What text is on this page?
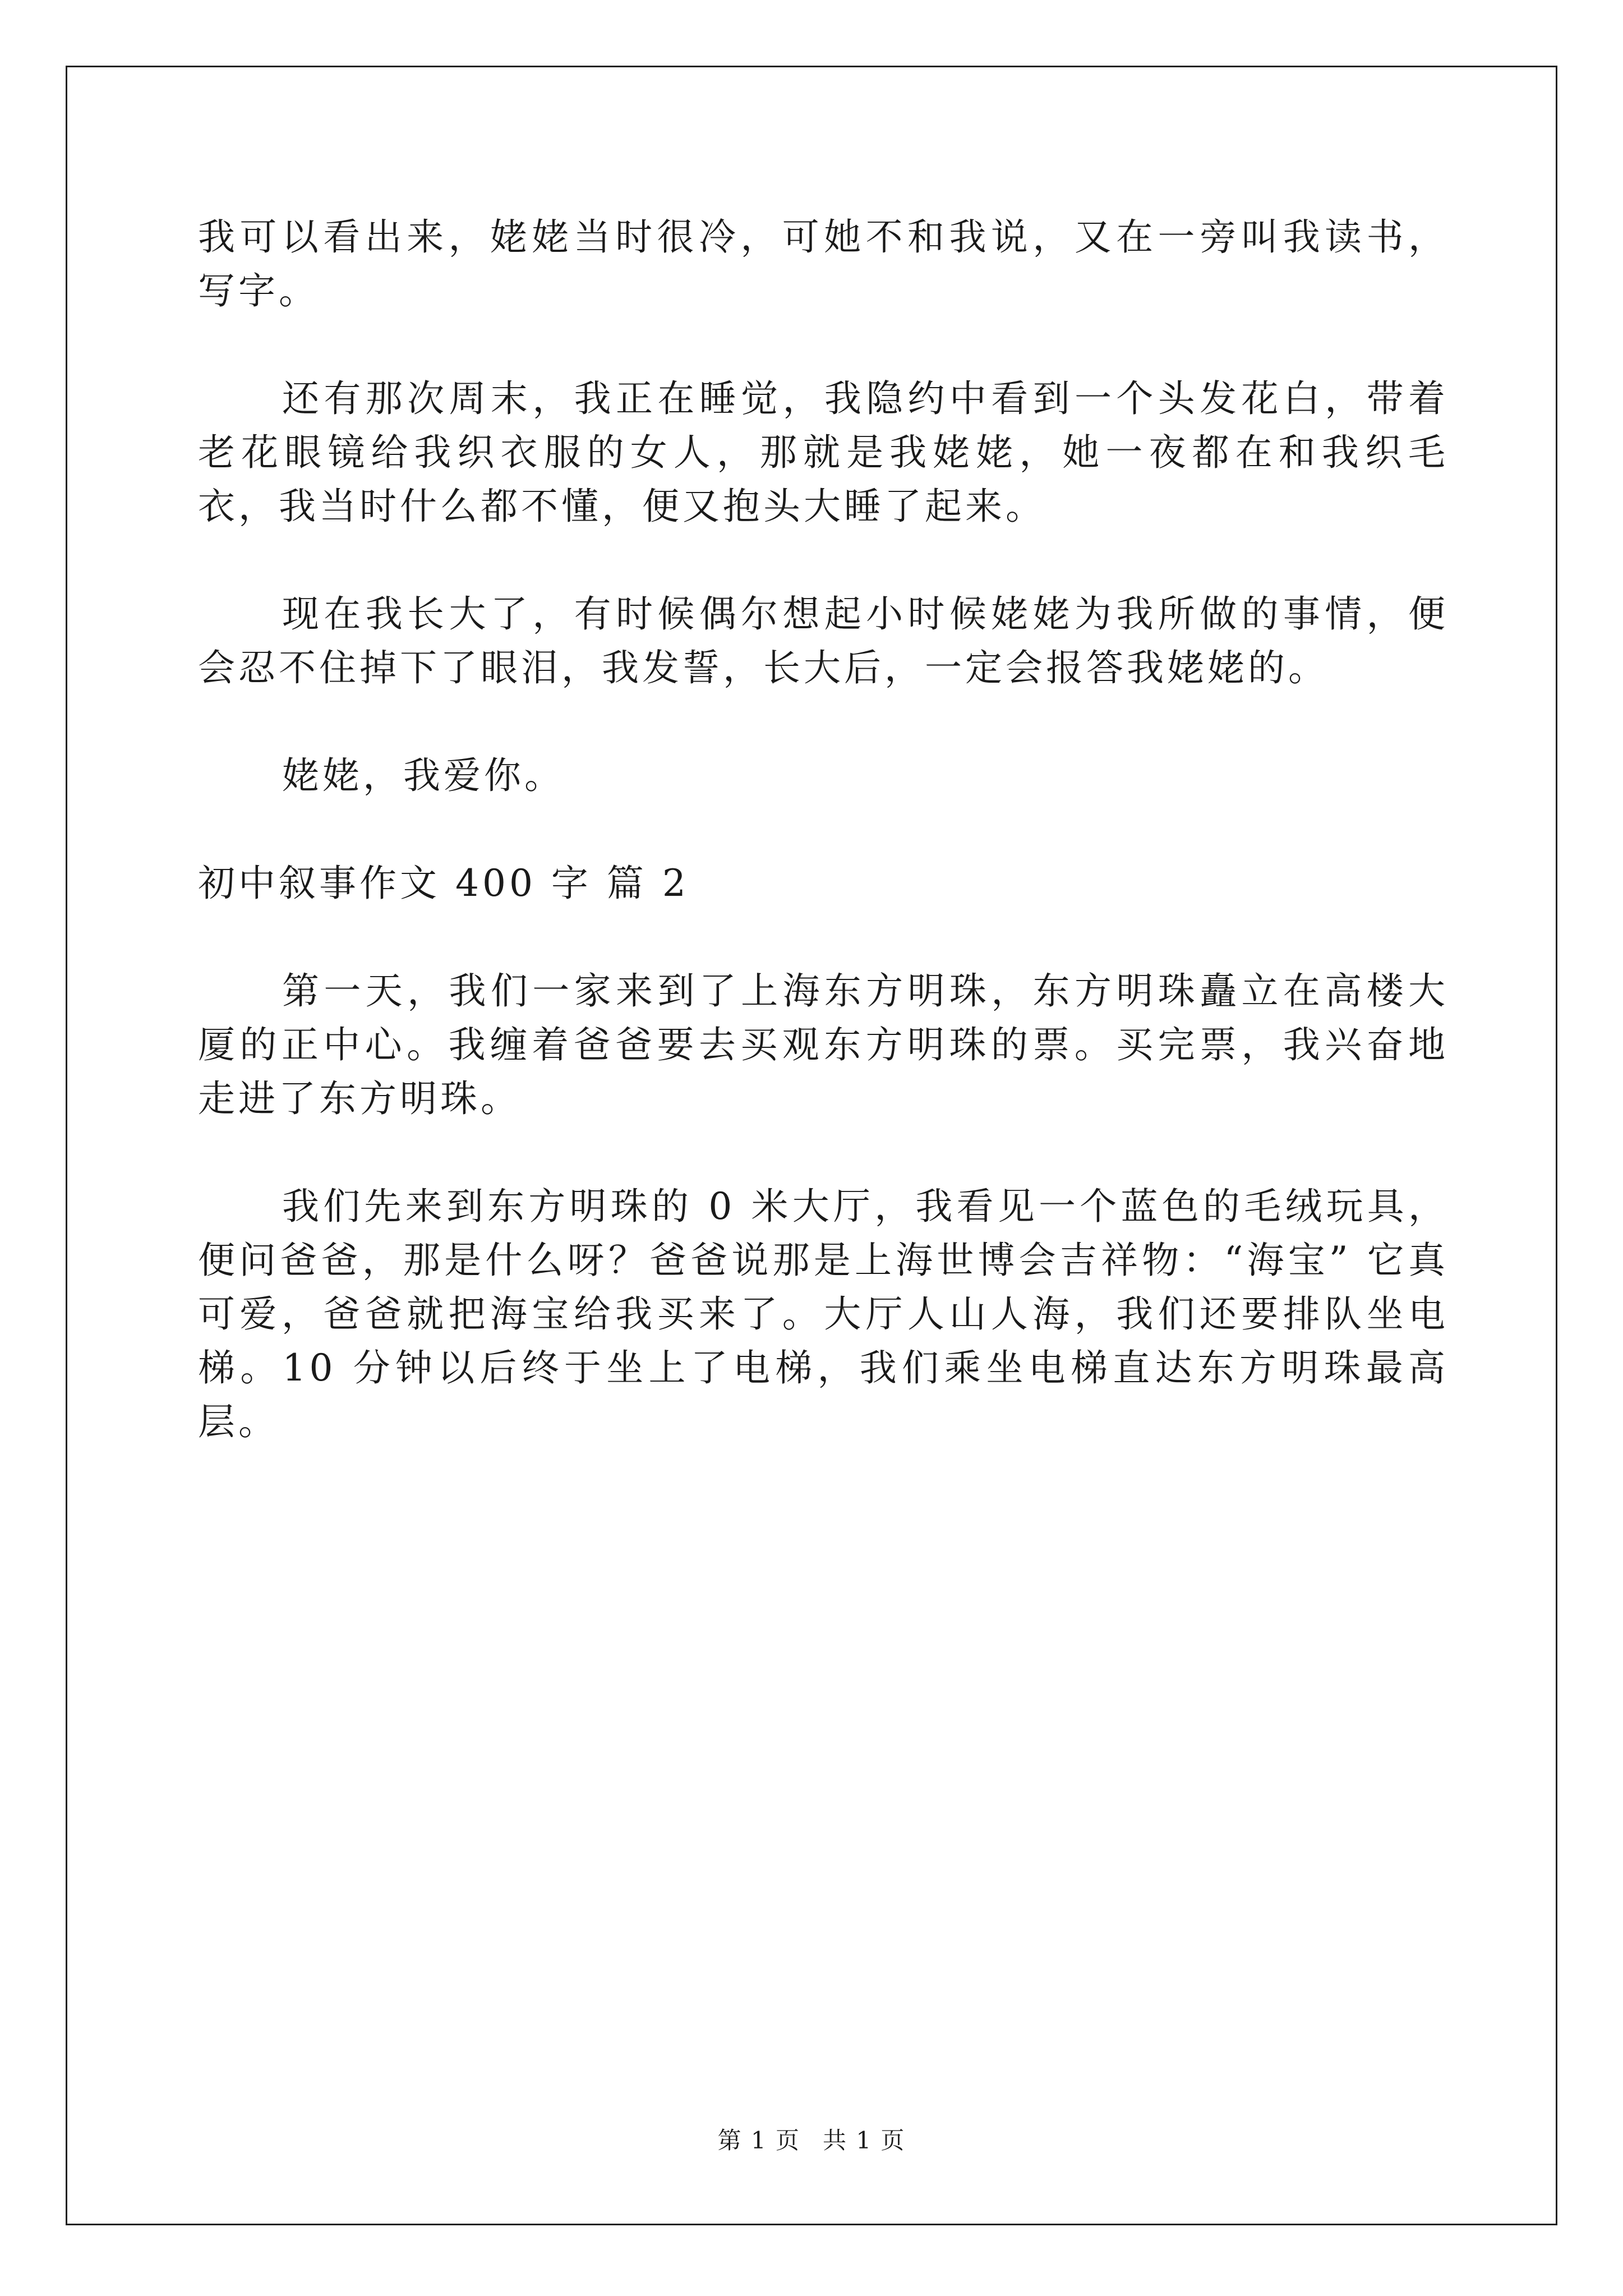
我可以看出来，姥姥当时很冷，可她不和我说，又在一旁叫我读书，写字。

还有那次周末，我正在睡觉，我隐约中看到一个头发花白，带着老花眼镜给我织衣服的女人，那就是我姥姥，她一夜都在和我织毛衣，我当时什么都不懂，便又抱头大睡了起来。

现在我长大了，有时候偶尔想起小时候姥姥为我所做的事情，便会忍不住掉下了眼泪，我发誓，长大后，一定会报答我姥姥的。

姥姥，我爱你。

初中叙事作文 400 字 篇 2

第一天，我们一家来到了上海东方明珠，东方明珠矗立在高楼大厦的正中心。我缠着爸爸要去买观东方明珠的票。买完票，我兴奋地走进了东方明珠。

我们先来到东方明珠的 0 米大厅，我看见一个蓝色的毛绒玩具，便问爸爸，那是什么呀？爸爸说那是上海世博会吉祥物：“海宝” 它真可爱，爸爸就把海宝给我买来了。大厅人山人海，我们还要排队坐电梯。10 分钟以后终于坐上了电梯，我们乘坐电梯直达东方明珠最高层。

第 1 页 共 1 页
